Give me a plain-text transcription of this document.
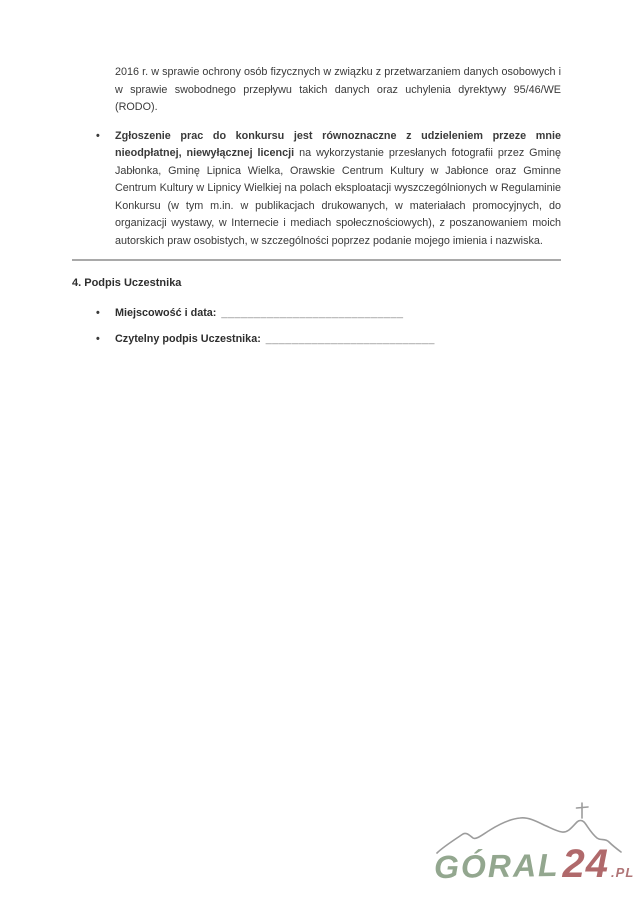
2016 r. w sprawie ochrony osób fizycznych w związku z przetwarzaniem danych osobowych i w sprawie swobodnego przepływu takich danych oraz uchylenia dyrektywy 95/46/WE (RODO).

•	Zgłoszenie prac do konkursu jest równoznaczne z udzieleniem przeze mnie nieodpłatnej, niewyłącznej licencji na wykorzystanie przesłanych fotografii przez Gminę Jabłonka, Gminę Lipnica Wielka, Orawskie Centrum Kultury w Jabłonce oraz Gminne Centrum Kultury w Lipnicy Wielkiej na polach eksploatacji wyszczególnionych w Regulaminie Konkursu (w tym m.in. w publikacjach drukowanych, w materiałach promocyjnych, do organizacji wystawy, w Internecie i mediach społecznościowych), z poszanowaniem moich autorskich praw osobistych, w szczególności poprzez podanie mojego imienia i nazwiska.

4. Podpis Uczestnika
•	Miejscowość i data: ____________________________
•	Czytelny podpis Uczestnika: __________________________
GÓRAL 24 .PL
